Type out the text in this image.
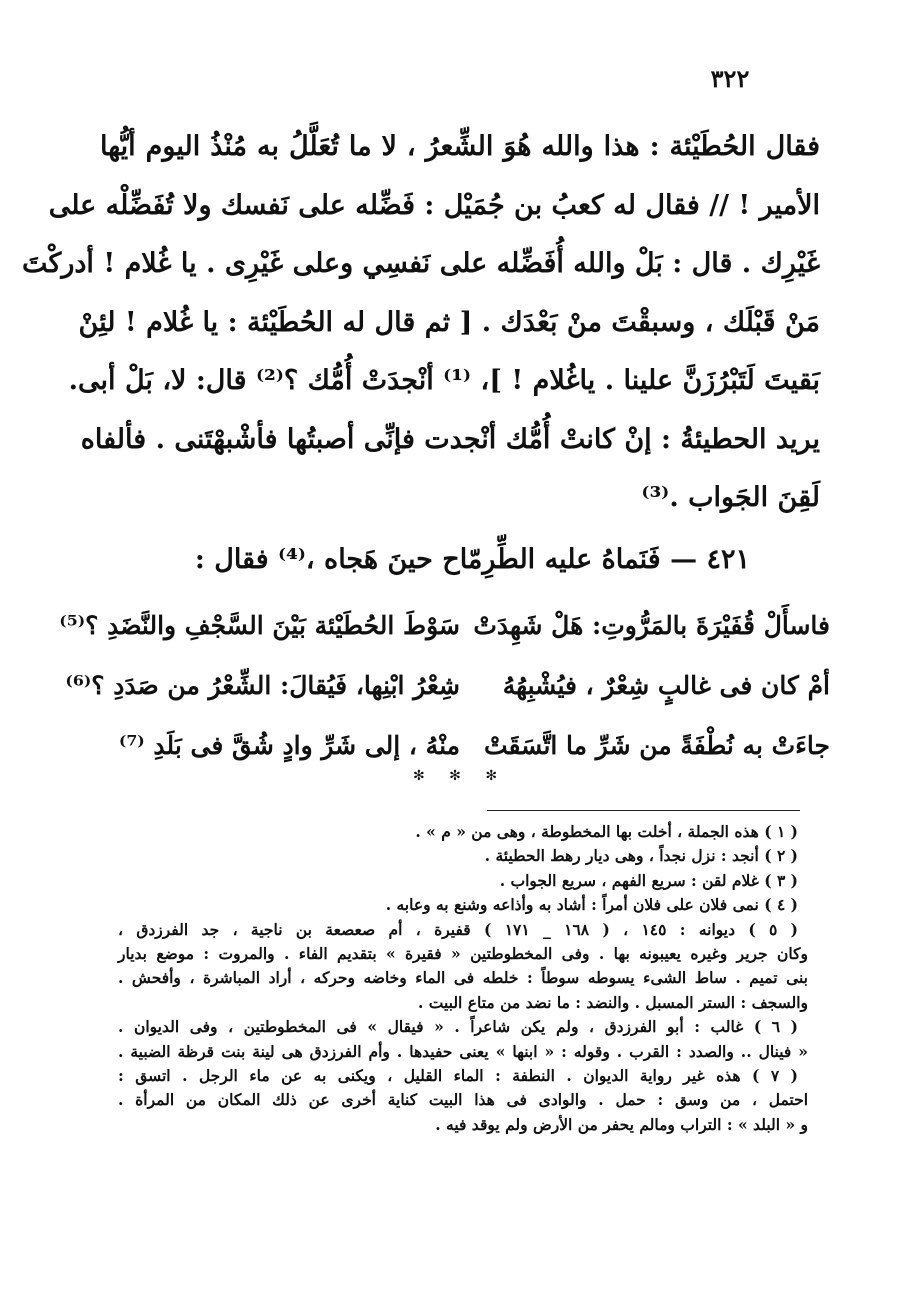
٣٢٢
فقال الحُطَيْئة : هذا والله هُوَ الشِّعرُ ، لا ما تُعَلَّلُ به مُنْذُ اليوم أيُّها
الأمير ! // فقال له كعبُ بن جُمَيْل : فَضِّله على نَفسك ولا تُفَضِّلْه على
غَيْرِك . قال : بَلْ والله أُفَضِّله على نَفسِي وعلى غَيْرِى . يا غُلام ! أدركْتَ
مَنْ قَبْلَك ، وسبقْتَ منْ بَعْدَك . [ ثم قال له الحُطَيْئة : يا غُلام ! لئِنْ
بَقيتَ لَتَبْرُزَنَّ علينا . ياغُلام ! ]، ⁽¹⁾ أنْجدَتْ أُمُّك ؟⁽²⁾ قال: لا، بَلْ أبى.
يريد الحطيئةُ : إنْ كانتْ أُمُّك أنْجدت فإنِّى أصبتُها فأشْبهْتَنى . فألفاه
لَقِنَ الجَواب .⁽³⁾
٤٢١ — فَنَماهُ عليه الطِّرِمّاح حينَ هَجاه ،⁽⁴⁾ فقال :
فاسأَلْ قُفَيْرَةَ بالمَرُّوتِ: هَلْ شَهِدَتْ
سَوْطَ الحُطَيْئة بَيْنَ السَّجْفِ والنَّضَدِ ؟⁽⁵⁾
أمْ كان فى غالبٍ شِعْرٌ ، فيُشْبِهُهُ
شِعْرُ ابْنِها، فَيُقالَ: الشِّعْرُ من صَدَدِ ؟⁽⁶⁾
جاءَتْ به نُطْفَةً من شَرِّ ما اتَّسَقَتْ
منْهُ ، إلى شَرِّ وادٍ شُقَّ فى بَلَدِ ⁽⁷⁾
✻ ✻ ✻
( ١ ) هذه الجملة ، أخلت بها المخطوطة ، وهى من « م » .
( ٢ ) أنجد : نزل نجداً ، وهى ديار رهط الحطيئة .
( ٣ ) غلام لقن : سريع الفهم ، سريع الجواب .
( ٤ ) نمى فلان على فلان أمراً : أشاد به وأذاعه وشنع به وعابه .
( ٥ ) ديوانه : ١٤٥ ، ( ١٦٨ _ ١٧١ ) قفيرة ، أم صعصعة بن ناجية ، جد الفرزدق ،
وكان جرير وغيره يعيبونه بها . وفى المخطوطتين « فقيرة » بتقديم الفاء . والمروت : موضع بديار
بنى تميم . ساط الشىء يسوطه سوطاً : خلطه فى الماء وخاضه وحركه ، أراد المباشرة ، وأفحش .
والسجف : الستر المسبل . والنضد : ما نضد من متاع البيت .
( ٦ ) غالب : أبو الفرزدق ، ولم يكن شاعراً . « فيقال » فى المخطوطتين ، وفى الديوان .
« فينال .. والصدد : القرب . وقوله : « ابنها » يعنى حفيدها . وأم الفرزدق هى لينة بنت قرظة الضبية .
( ٧ ) هذه غير رواية الديوان . النطفة : الماء القليل ، ويكنى به عن ماء الرجل . اتسق :
احتمل ، من وسق : حمل . والوادى فى هذا البيت كناية أخرى عن ذلك المكان من المرأة .
و « البلد » : التراب ومالم يحفر من الأرض ولم يوقد فيه .
